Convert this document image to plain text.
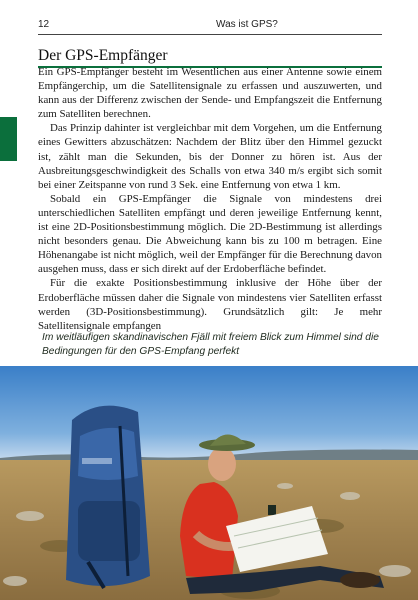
12	Was ist GPS?
Der GPS-Empfänger

Ein GPS-Empfänger besteht im Wesentlichen aus einer Antenne sowie einem Empfängerchip, um die Satellitensignale zu erfassen und auszuwerten, und kann aus der Differenz zwischen der Sende- und Empfangszeit die Entfernung zum Satelliten berechnen.

Das Prinzip dahinter ist vergleichbar mit dem Vorgehen, um die Entfernung eines Gewitters abzuschätzen: Nachdem der Blitz über den Himmel gezuckt ist, zählt man die Sekunden, bis der Donner zu hören ist. Aus der Ausbreitungsgeschwindigkeit des Schalls von etwa 340 m/s ergibt sich somit bei einer Zeitspanne von rund 3 Sek. eine Entfernung von etwa 1 km.

Sobald ein GPS-Empfänger die Signale von mindestens drei unterschiedlichen Satelliten empfängt und deren jeweilige Entfernung kennt, ist eine 2D-Positionsbestimmung möglich. Die 2D-Bestimmung ist allerdings nicht besonders genau. Die Abweichung kann bis zu 100 m betragen. Eine Höhenangabe ist nicht möglich, weil der Empfänger für die Berechnung davon ausgehen muss, dass er sich direkt auf der Erdoberfläche befindet.

Für die exakte Positionsbestimmung inklusive der Höhe über der Erdoberfläche müssen daher die Signale von mindestens vier Satelliten erfasst werden (3D-Positionsbestimmung). Grundsätzlich gilt: Je mehr Satellitensignale empfangen

Im weitläufigen skandinavischen Fjäll mit freiem Blick zum Himmel sind die Bedingungen für den GPS-Empfang perfekt
